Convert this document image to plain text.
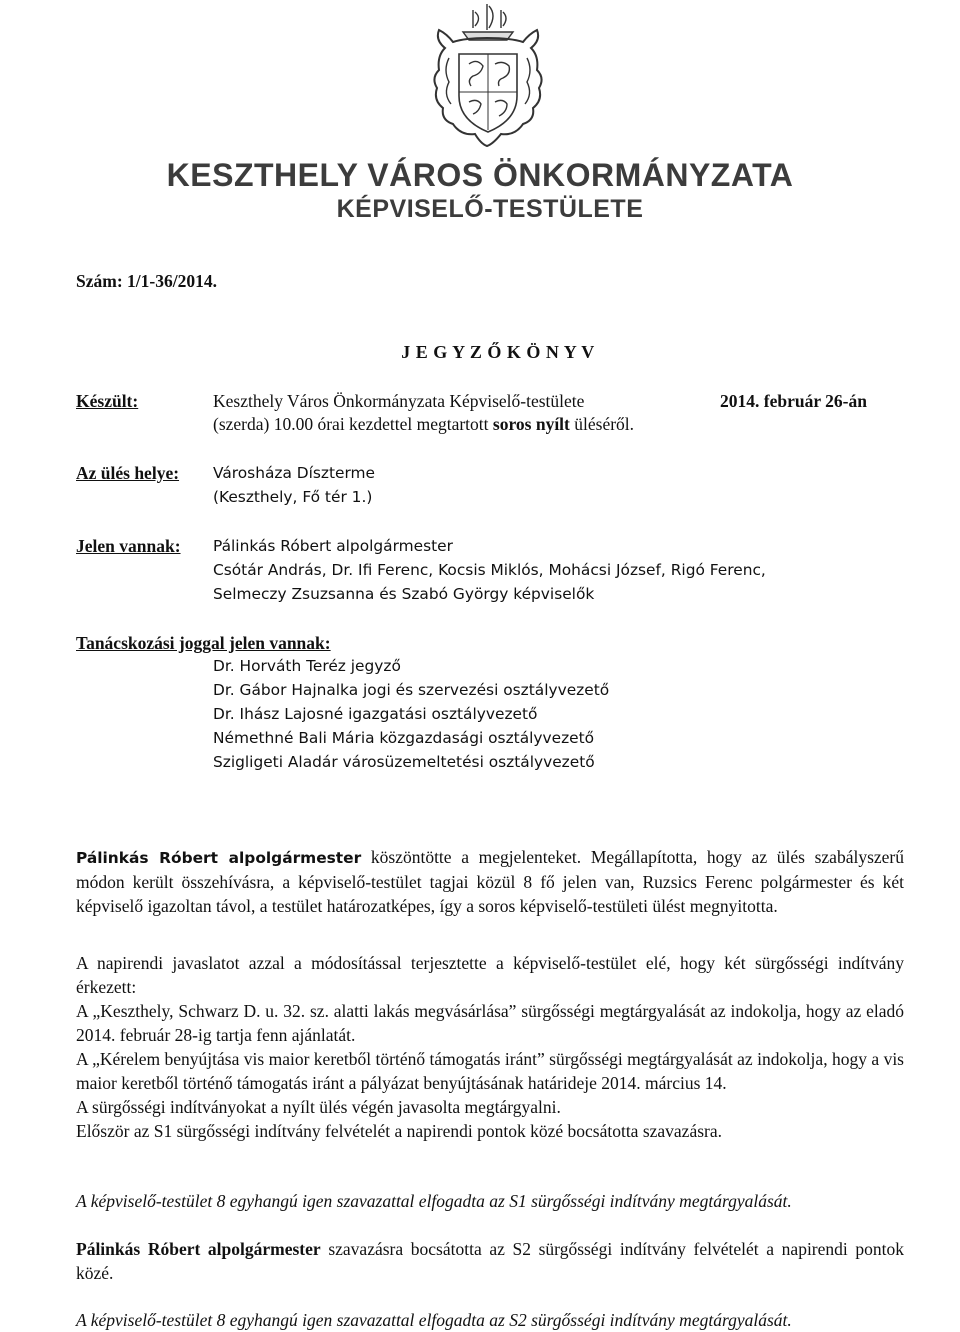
KESZTHELY VÁROS ÖNKORMÁNYZATA
KÉPVISELŐ-TESTÜLETE
Szám: 1/1-36/2014.
J E G Y Z Ő K Ö N Y V
Készült:	Keszthely Város Önkormányzata Képviselő-testülete	2014. február 26-án
(szerda) 10.00 órai kezdettel megtartott soros nyílt üléséről.
Az ülés helye: Városháza Díszterme
(Keszthely, Fő tér 1.)
Jelen vannak: Pálinkás Róbert alpolgármester
Csótár András, Dr. Ifi Ferenc, Kocsis Miklós, Mohácsi József, Rigó Ferenc,
Selmeczy Zsuzsanna és Szabó György képviselők
Tanácskozási joggal jelen vannak:
Dr. Horváth Teréz jegyző
Dr. Gábor Hajnalka jogi és szervezési osztályvezető
Dr. Ihász Lajosné igazgatási osztályvezető
Némethné Bali Mária közgazdasági osztályvezető
Szigligeti Aladár városüzemeltetési osztályvezető

Pálinkás Róbert alpolgármester köszöntötte a megjelenteket. Megállapította, hogy az ülés szabályszerű módon került összehívásra, a képviselő-testület tagjai közül 8 fő jelen van, Ruzsics Ferenc polgármester és két képviselő igazoltan távol, a testület határozatképes, így a soros képviselő-testületi ülést megnyitotta.

A napirendi javaslatot azzal a módosítással terjesztette a képviselő-testület elé, hogy két sürgősségi indítvány érkezett:

A „Keszthely, Schwarz D. u. 32. sz. alatti lakás megvásárlása” sürgősségi megtárgyalását az indokolja, hogy az eladó 2014. február 28-ig tartja fenn ajánlatát.

A „Kérelem benyújtása vis maior keretből történő támogatás iránt” sürgősségi megtárgyalását az indokolja, hogy a vis maior keretből történő támogatás iránt a pályázat benyújtásának határideje 2014. március 14.

A sürgősségi indítványokat a nyílt ülés végén javasolta megtárgyalni.

Először az S1 sürgősségi indítvány felvételét a napirendi pontok közé bocsátotta szavazásra.

A képviselő-testület 8 egyhangú igen szavazattal elfogadta az S1 sürgősségi indítvány megtárgyalását.

Pálinkás Róbert alpolgármester szavazásra bocsátotta az S2 sürgősségi indítvány felvételét a napirendi pontok közé.

A képviselő-testület 8 egyhangú igen szavazattal elfogadta az S2 sürgősségi indítvány megtárgyalását.
